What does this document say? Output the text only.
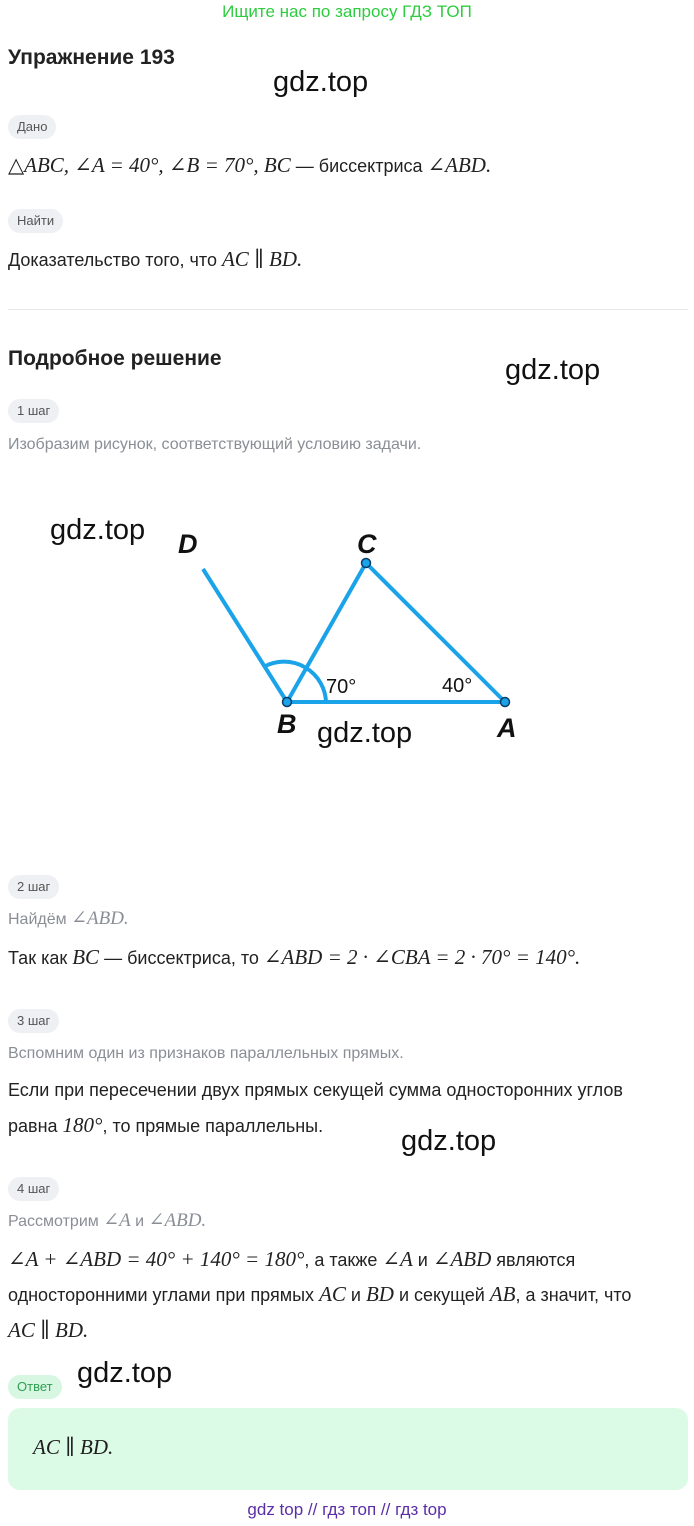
Ищите нас по запросу ГДЗ ТОП
Упражнение 193
gdz.top
Дано
△ABC, ∠A = 40°, ∠B = 70°, BC — биссектриса ∠ABD.
Найти
Доказательство того, что AC ∥ BD.
Подробное решение	gdz.top
1 шаг
Изобразим рисунок, соответствующий условию задачи.
gdz.top D	C
B	A
70°	40°
gdz.top
2 шаг
Найдём ∠ABD.
Так как BC — биссектриса, то ∠ABD = 2 · ∠CBA = 2 · 70° = 140°.
3 шаг
Вспомним один из признаков параллельных прямых.
Если при пересечении двух прямых секущей сумма односторонних углов
равна 180°, то прямые параллельны.	gdz.top
4 шаг
Рассмотрим ∠A и ∠ABD.
∠A + ∠ABD = 40° + 140° = 180°, а также ∠A и ∠ABD являются
односторонними углами при прямых AC и BD и секущей AB, а значит, что
AC ∥ BD.
Ответ gdz.top
AC ∥ BD.
gdz top // гдз топ // гдз top
